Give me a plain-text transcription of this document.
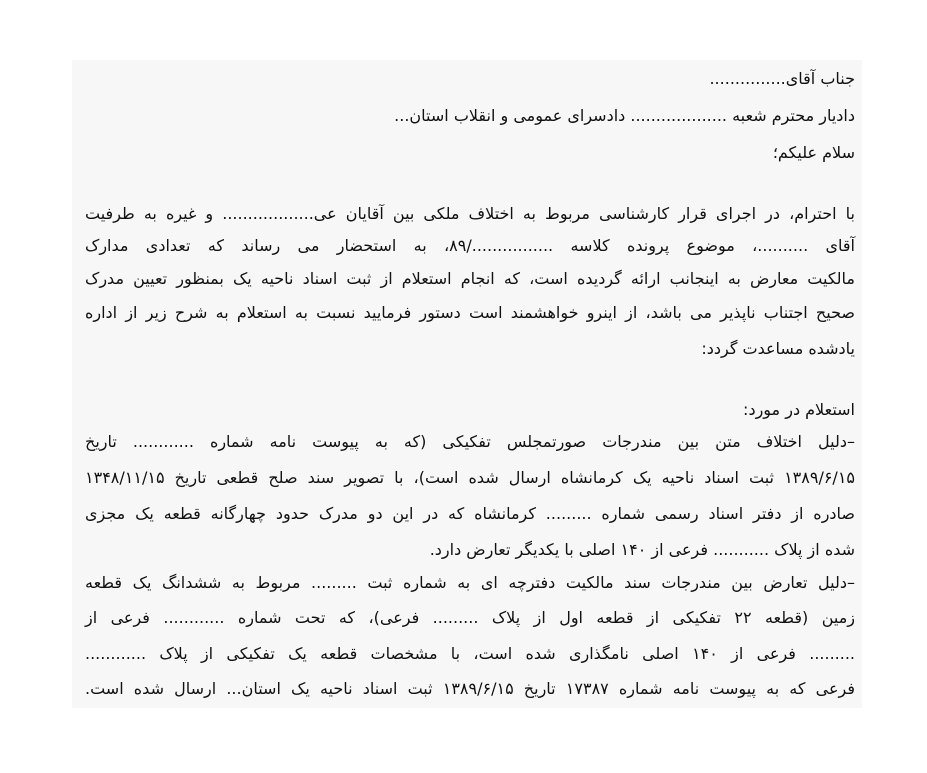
جناب آقای...............
دادیار محترم شعبه ................... دادسرای عمومی و انقلاب استان...
سلام علیکم؛
با احترام، در اجرای قرار کارشناسی مربوط به اختلاف ملکی بین آقایان عی.................. و غیره به طرفیت
آقای ..........، موضوع پرونده کلاسه ................/۸۹، به استحضار می رساند که تعدادی مدارک
مالکیت معارض به اینجانب ارائه گردیده است، که انجام استعلام از ثبت اسناد ناحیه یک بمنظور تعیین مدرک
صحیح اجتناب ناپذیر می باشد، از اینرو خواهشمند است دستور فرمایید نسبت به استعلام به شرح زیر از اداره
یادشده مساعدت گردد:
استعلام در مورد:
–دلیل اختلاف متن بین مندرجات صورتمجلس تفکیکی (که به پیوست نامه شماره ............ تاریخ
۱۳۸۹/۶/۱۵ ثبت اسناد ناحیه یک کرمانشاه ارسال شده است)، با تصویر سند صلح قطعی تاریخ ۱۳۴۸/۱۱/۱۵
صادره از دفتر اسناد رسمی شماره ......... کرمانشاه که در این دو مدرک حدود چهارگانه قطعه یک مجزی
شده از پلاک ........... فرعی از ۱۴۰ اصلی با یکدیگر تعارض دارد.
–دلیل تعارض بین مندرجات سند مالکیت دفترچه ای به شماره ثبت ......... مربوط به ششدانگ یک قطعه
زمین (قطعه ۲۲ تفکیکی از قطعه اول از پلاک ......... فرعی)، که تحت شماره ............ فرعی از
......... فرعی از ۱۴۰ اصلی نامگذاری شده است، با مشخصات قطعه یک تفکیکی از پلاک ............
فرعی که به پیوست نامه شماره ۱۷۳۸۷ تاریخ ۱۳۸۹/۶/۱۵ ثبت اسناد ناحیه یک استان... ارسال شده است.
